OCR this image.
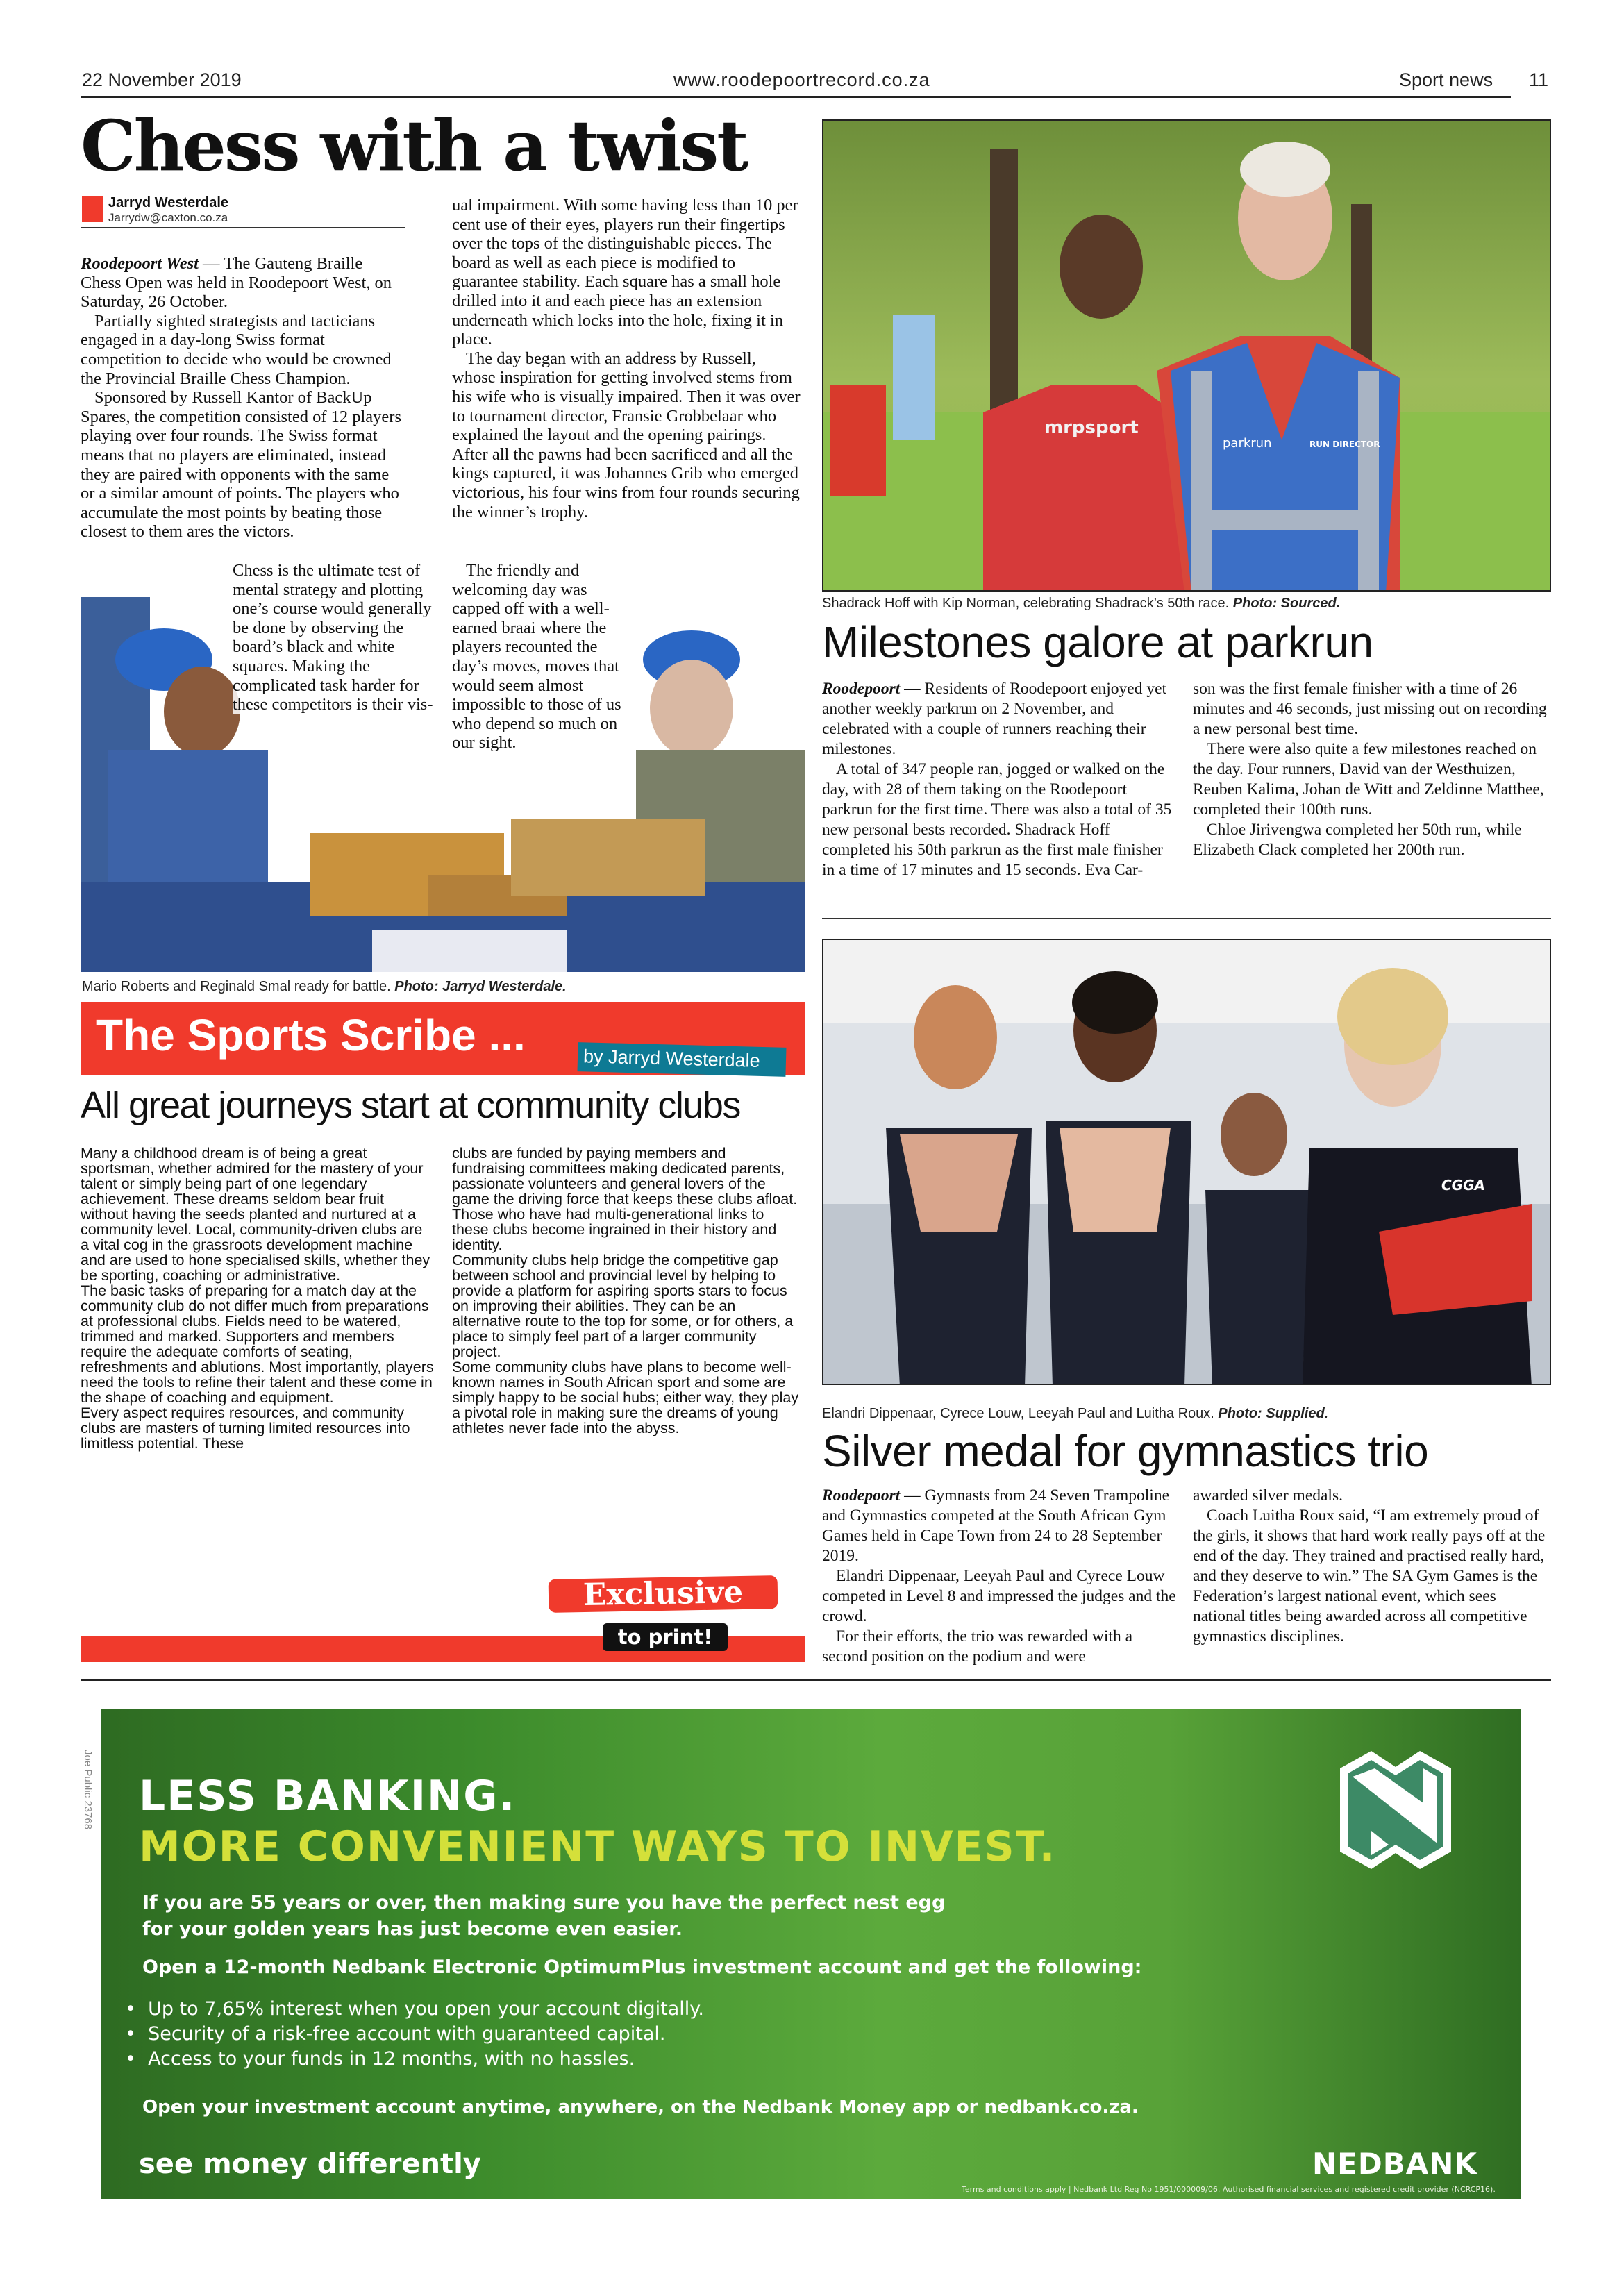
22 November 2019	www.roodepoortrecord.co.za	Sport news 11
Chess with a twist
Jarryd Westerdale
Jarrydw@caxton.co.za

Roodepoort West — The Gauteng Braille Chess Open was held in Roodepoort West, on Saturday, 26 October.

Partially sighted strategists and tacticians engaged in a day-long Swiss format competition to decide who would be crowned the Provincial Braille Chess Champion.

Sponsored by Russell Kantor of BackUp Spares, the competition consisted of 12 players playing over four rounds. The Swiss format means that no players are eliminated, instead they are paired with opponents with the same or a similar amount of points. The players who accumulate the most points by beating those closest to them ares the victors.

Chess is the ultimate test of mental strategy and plotting one’s course would generally be done by observing the board’s black and white squares. Making the complicated task harder for these competitors is their vis-

ual impairment. With some having less than 10 per cent use of their eyes, players run their fingertips over the tops of the distinguishable pieces. The board as well as each piece is modified to guarantee stability. Each square has a small hole drilled into it and each piece has an extension underneath which locks into the hole, fixing it in place.

The day began with an address by Russell, whose inspiration for getting involved stems from his wife who is visually impaired. Then it was over to tournament director, Fransie Grobbelaar who explained the layout and the opening pairings. After all the pawns had been sacrificed and all the kings captured, it was Johannes Grib who emerged victorious, his four wins from four rounds securing the winner’s trophy.

The friendly and welcoming day was capped off with a well-earned braai where the players recounted the day’s moves, moves that would seem almost impossible to those of us who depend so much on our sight.

Mario Roberts and Reginald Smal ready for battle. Photo: Jarryd Westerdale.
The Sports Scribe ...	by Jarryd Westerdale
All great journeys start at community clubs

Many a childhood dream is of being a great sportsman, whether admired for the mastery of your talent or simply being part of one legendary achievement. These dreams seldom bear fruit without having the seeds planted and nurtured at a community level. Local, community-driven clubs are a vital cog in the grassroots development machine and are used to hone specialised skills, whether they be sporting, coaching or administrative.

The basic tasks of preparing for a match day at the community club do not differ much from preparations at professional clubs. Fields need to be watered, trimmed and marked. Supporters and members require the adequate comforts of seating, refreshments and ablutions. Most importantly, players need the tools to refine their talent and these come in the shape of coaching and equipment.

Every aspect requires resources, and community clubs are masters of turning limited resources into limitless potential. These

clubs are funded by paying members and fundraising committees making dedicated parents, passionate volunteers and general lovers of the game the driving force that keeps these clubs afloat. Those who have had multi-generational links to these clubs become ingrained in their history and identity.

Community clubs help bridge the competitive gap between school and provincial level by helping to provide a platform for aspiring sports stars to focus on improving their abilities. They can be an alternative route to the top for some, or for others, a place to simply feel part of a larger community project.

Some community clubs have plans to become well-known names in South African sport and some are simply happy to be social hubs; either way, they play a pivotal role in making sure the dreams of young athletes never fade into the abyss.

Exclusive
to print!
mrpsport
parkrun	RUN DIRECTOR
Shadrack Hoff with Kip Norman, celebrating Shadrack’s 50th race. Photo: Sourced.
Milestones galore at parkrun

Roodepoort — Residents of Roodepoort enjoyed yet another weekly parkrun on 2 November, and celebrated with a couple of runners reaching their milestones.

A total of 347 people ran, jogged or walked on the day, with 28 of them taking on the Roodepoort parkrun for the first time. There was also a total of 35 new personal bests recorded. Shadrack Hoff completed his 50th parkrun as the first male finisher in a time of 17 minutes and 15 seconds. Eva Car-

son was the first female finisher with a time of 26 minutes and 46 seconds, just missing out on recording a new personal best time.

There were also quite a few milestones reached on the day. Four runners, David van der Westhuizen, Reuben Kalima, Johan de Witt and Zeldinne Matthee, completed their 100th runs.

Chloe Jirivengwa completed her 50th run, while Elizabeth Clack completed her 200th run.

CGGA
Elandri Dippenaar, Cyrece Louw, Leeyah Paul and Luitha Roux. Photo: Supplied.
Silver medal for gymnastics trio

Roodepoort — Gymnasts from 24 Seven Trampoline and Gymnastics competed at the South African Gym Games held in Cape Town from 24 to 28 September 2019.

Elandri Dippenaar, Leeyah Paul and Cyrece Louw competed in Level 8 and impressed the judges and the crowd.

For their efforts, the trio was rewarded with a second position on the podium and were

awarded silver medals.

Coach Luitha Roux said, “I am extremely proud of the girls, it shows that hard work really pays off at the end of the day. They trained and practised really hard, and they deserve to win.” The SA Gym Games is the Federation’s largest national event, which sees national titles being awarded across all competitive gymnastics disciplines.

Joe Public 23768 LESS BANKING.
MORE CONVENIENT WAYS TO INVEST.
If you are 55 years or over, then making sure you have the perfect nest egg
for your golden years has just become even easier.
Open a 12-month Nedbank Electronic OptimumPlus investment account and get the following:
•  Up to 7,65% interest when you open your account digitally.
•  Security of a risk-free account with guaranteed capital.
•  Access to your funds in 12 months, with no hassles.
Open your investment account anytime, anywhere, on the Nedbank Money app or nedbank.co.za.
see money differently	NEDBANK
Terms and conditions apply | Nedbank Ltd Reg No 1951/000009/06. Authorised financial services and registered credit provider (NCRCP16).
